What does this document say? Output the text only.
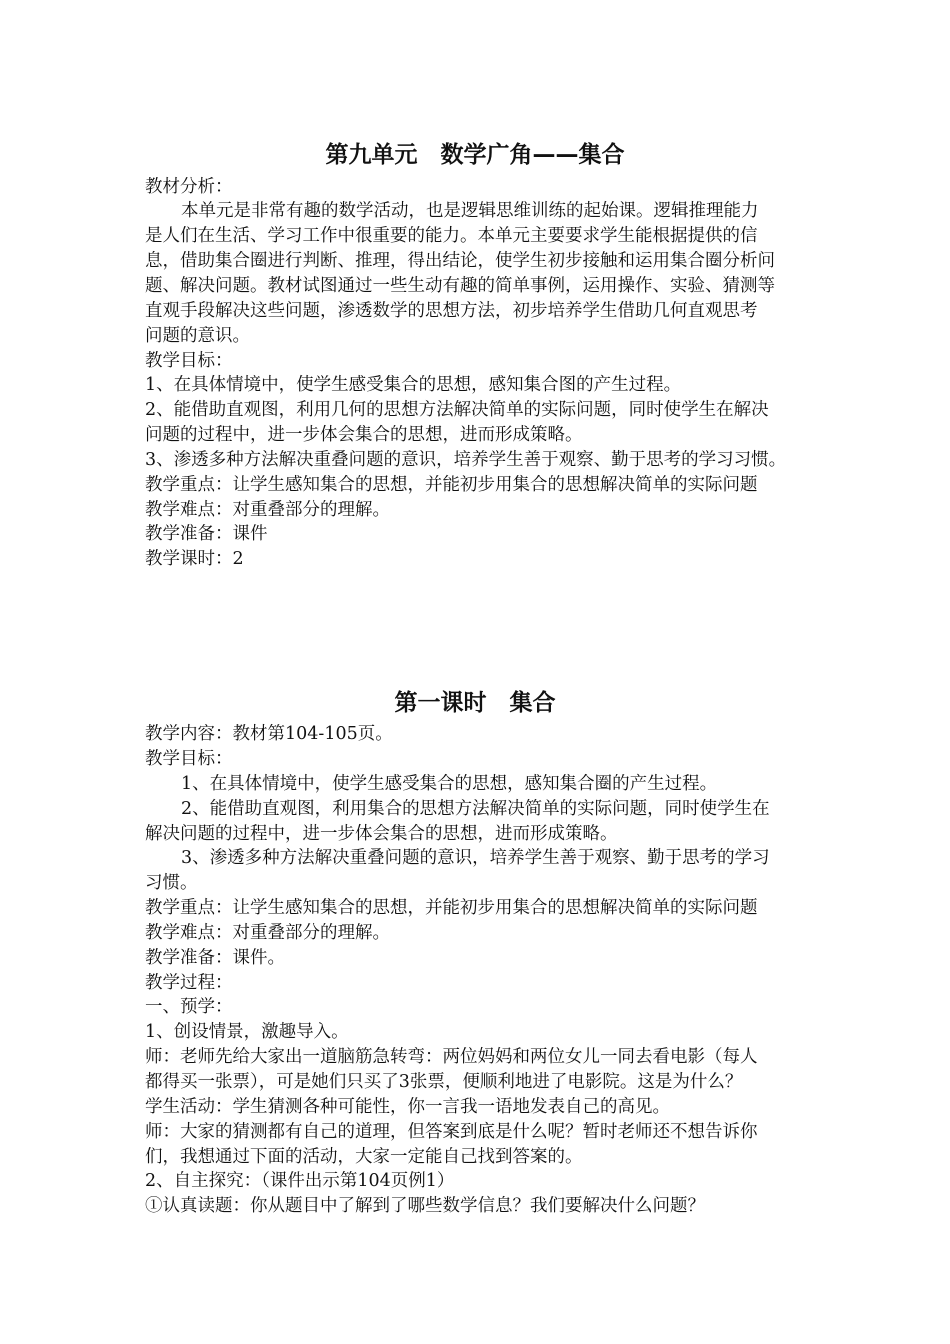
第九单元　数学广角——集合
教材分析：
本单元是非常有趣的数学活动，也是逻辑思维训练的起始课。逻辑推理能力
是人们在生活、学习工作中很重要的能力。本单元主要要求学生能根据提供的信
息，借助集合圈进行判断、推理，得出结论，使学生初步接触和运用集合圈分析问
题、解决问题。教材试图通过一些生动有趣的简单事例，运用操作、实验、猜测等
直观手段解决这些问题，渗透数学的思想方法，初步培养学生借助几何直观思考
问题的意识。
教学目标：
1、在具体情境中，使学生感受集合的思想，感知集合图的产生过程。
2、能借助直观图，利用几何的思想方法解决简单的实际问题，同时使学生在解决
问题的过程中，进一步体会集合的思想，进而形成策略。
3、渗透多种方法解决重叠问题的意识，培养学生善于观察、勤于思考的学习习惯。
教学重点：让学生感知集合的思想，并能初步用集合的思想解决简单的实际问题
教学难点：对重叠部分的理解。
教学准备：课件
教学课时：2
第一课时　集合
教学内容：教材第104-105页。
教学目标：
1、在具体情境中，使学生感受集合的思想，感知集合圈的产生过程。
2、能借助直观图，利用集合的思想方法解决简单的实际问题，同时使学生在
解决问题的过程中，进一步体会集合的思想，进而形成策略。
3、渗透多种方法解决重叠问题的意识，培养学生善于观察、勤于思考的学习
习惯。
教学重点：让学生感知集合的思想，并能初步用集合的思想解决简单的实际问题
教学难点：对重叠部分的理解。
教学准备：课件。
教学过程：
一、预学：
1、创设情景，激趣导入。
师：老师先给大家出一道脑筋急转弯：两位妈妈和两位女儿一同去看电影（每人
都得买一张票），可是她们只买了3张票，便顺利地进了电影院。这是为什么？
学生活动：学生猜测各种可能性，你一言我一语地发表自己的高见。
师：大家的猜测都有自己的道理，但答案到底是什么呢？暂时老师还不想告诉你
们，我想通过下面的活动，大家一定能自己找到答案的。
2、自主探究：（课件出示第104页例1）
①认真读题：你从题目中了解到了哪些数学信息？我们要解决什么问题？
